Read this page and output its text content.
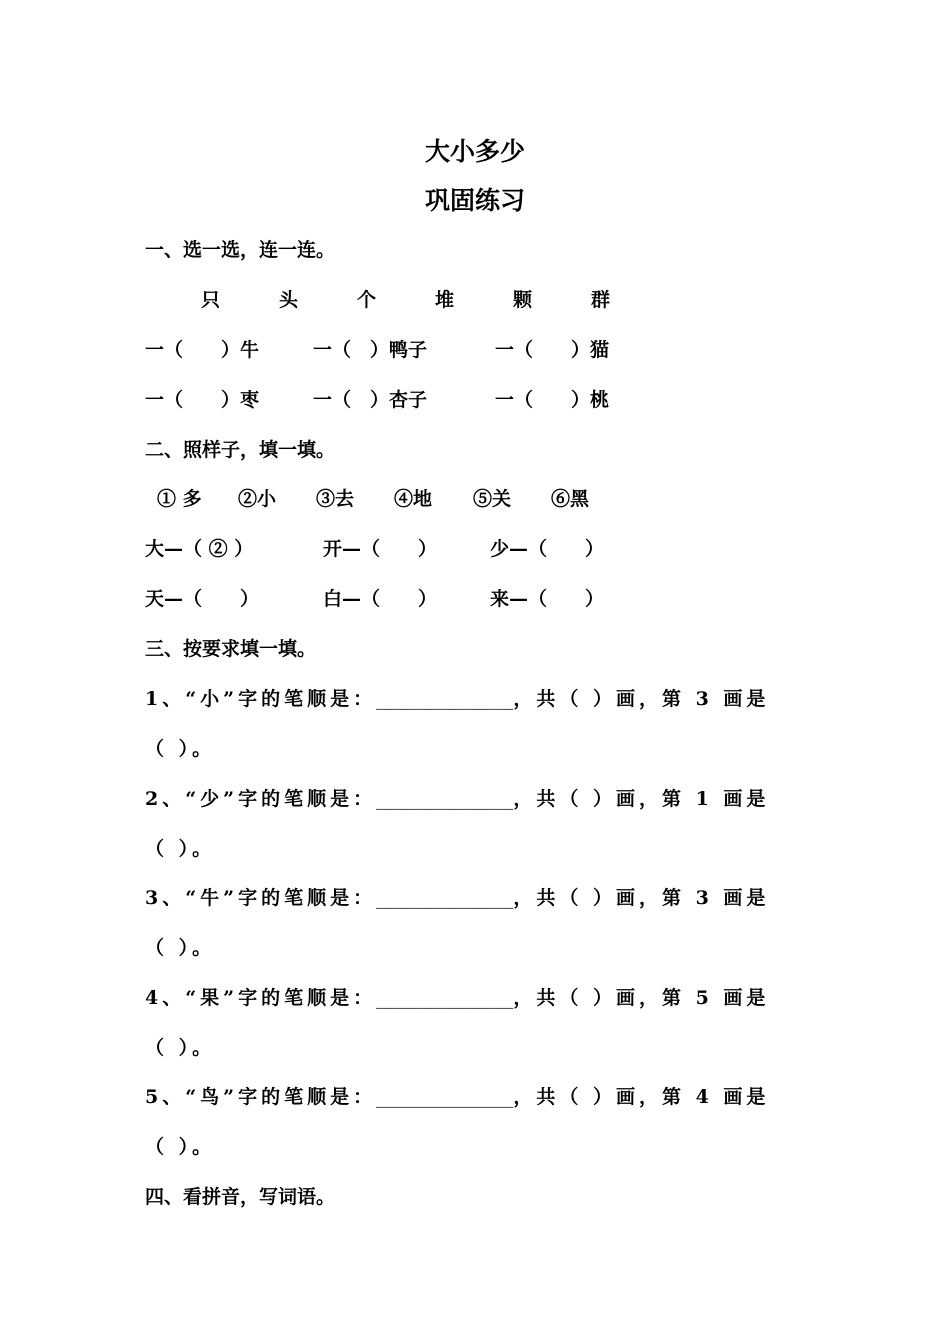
大小多少
巩固练习
一、选一选，连一连。
只	头	个	堆	颗	群
一（　　）牛	一（　）鸭子	一（　　）猫
一（　　）枣	一（　）杏子	一（　　）桃
二、照样子，填一填。
① 多 ②小 ③去 ④地 ⑤关 ⑥黑
大—（ ② ）	开—（　　）	少—（　　）
天—（　　）	白—（　　）	来—（　　）
三、按要求填一填。
1、“小”字的笔顺是：____________，共（ ）画，第 3 画是
（ ）。
2、“少”字的笔顺是：____________，共（ ）画，第 1 画是
（ ）。
3、“牛”字的笔顺是：____________，共（ ）画，第 3 画是
（ ）。
4、“果”字的笔顺是：____________，共（ ）画，第 5 画是
（ ）。
5、“鸟”字的笔顺是：____________，共（ ）画，第 4 画是
（ ）。
四、看拼音，写词语。
